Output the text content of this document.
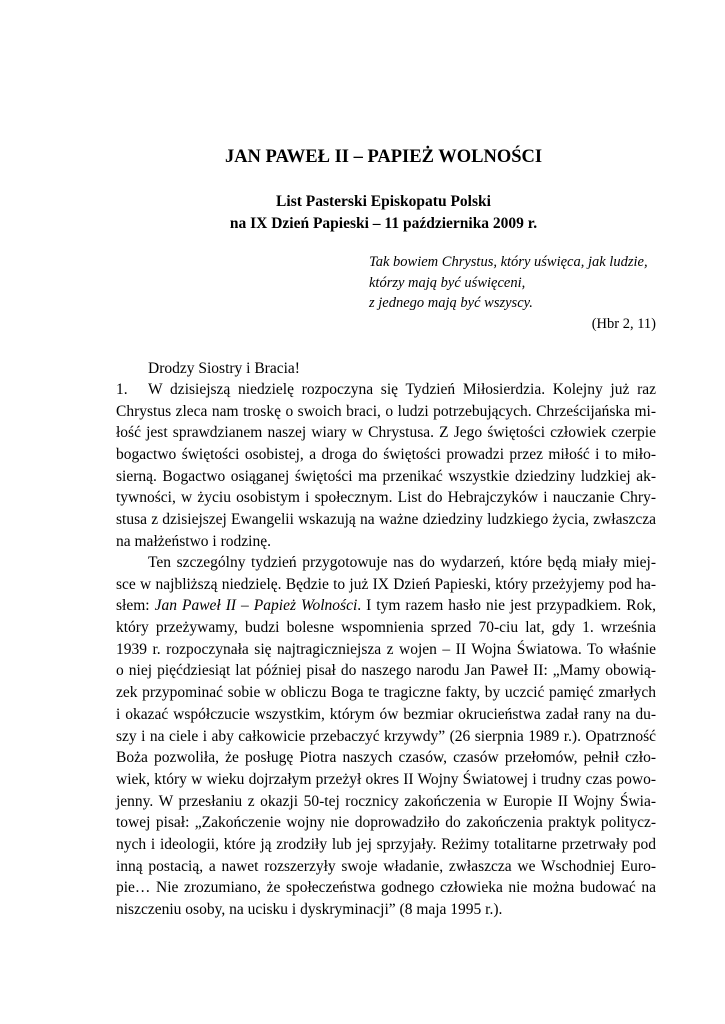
JAN PAWEŁ II – PAPIEŻ WOLNOŚCI
List Pasterski Episkopatu Polski
na IX Dzień Papieski – 11 października 2009 r.
Tak bowiem Chrystus, który uświęca, jak ludzie,
którzy mają być uświęceni,
z jednego mają być wszyscy.
(Hbr 2, 11)
Drodzy Siostry i Bracia!
1. W dzisiejszą niedzielę rozpoczyna się Tydzień Miłosierdzia. Kolejny już raz
Chrystus zleca nam troskę o swoich braci, o ludzi potrzebujących. Chrześcijańska mi-
łość jest sprawdzianem naszej wiary w Chrystusa. Z Jego świętości człowiek czerpie
bogactwo świętości osobistej, a droga do świętości prowadzi przez miłość i to miło-
sierną. Bogactwo osiąganej świętości ma przenikać wszystkie dziedziny ludzkiej ak-
tywności, w życiu osobistym i społecznym. List do Hebrajczyków i nauczanie Chry-
stusa z dzisiejszej Ewangelii wskazują na ważne dziedziny ludzkiego życia, zwłaszcza
na małżeństwo i rodzinę.
Ten szczególny tydzień przygotowuje nas do wydarzeń, które będą miały miej-
sce w najbliższą niedzielę. Będzie to już IX Dzień Papieski, który przeżyjemy pod ha-
słem: Jan Paweł II – Papież Wolności. I tym razem hasło nie jest przypadkiem. Rok,
który przeżywamy, budzi bolesne wspomnienia sprzed 70-ciu lat, gdy 1. września
1939 r. rozpoczynała się najtragiczniejsza z wojen – II Wojna Światowa. To właśnie
o niej pięćdziesiąt lat później pisał do naszego narodu Jan Paweł II: „Mamy obowią-
zek przypominać sobie w obliczu Boga te tragiczne fakty, by uczcić pamięć zmarłych
i okazać współczucie wszystkim, którym ów bezmiar okrucieństwa zadał rany na du-
szy i na ciele i aby całkowicie przebaczyć krzywdy” (26 sierpnia 1989 r.). Opatrzność
Boża pozwoliła, że posługę Piotra naszych czasów, czasów przełomów, pełnił czło-
wiek, który w wieku dojrzałym przeżył okres II Wojny Światowej i trudny czas powo-
jenny. W przesłaniu z okazji 50-tej rocznicy zakończenia w Europie II Wojny Świa-
towej pisał: „Zakończenie wojny nie doprowadziło do zakończenia praktyk politycz-
nych i ideologii, które ją zrodziły lub jej sprzyjały. Reżimy totalitarne przetrwały pod
inną postacią, a nawet rozszerzyły swoje władanie, zwłaszcza we Wschodniej Euro-
pie… Nie zrozumiano, że społeczeństwa godnego człowieka nie można budować na
niszczeniu osoby, na ucisku i dyskryminacji” (8 maja 1995 r.).
